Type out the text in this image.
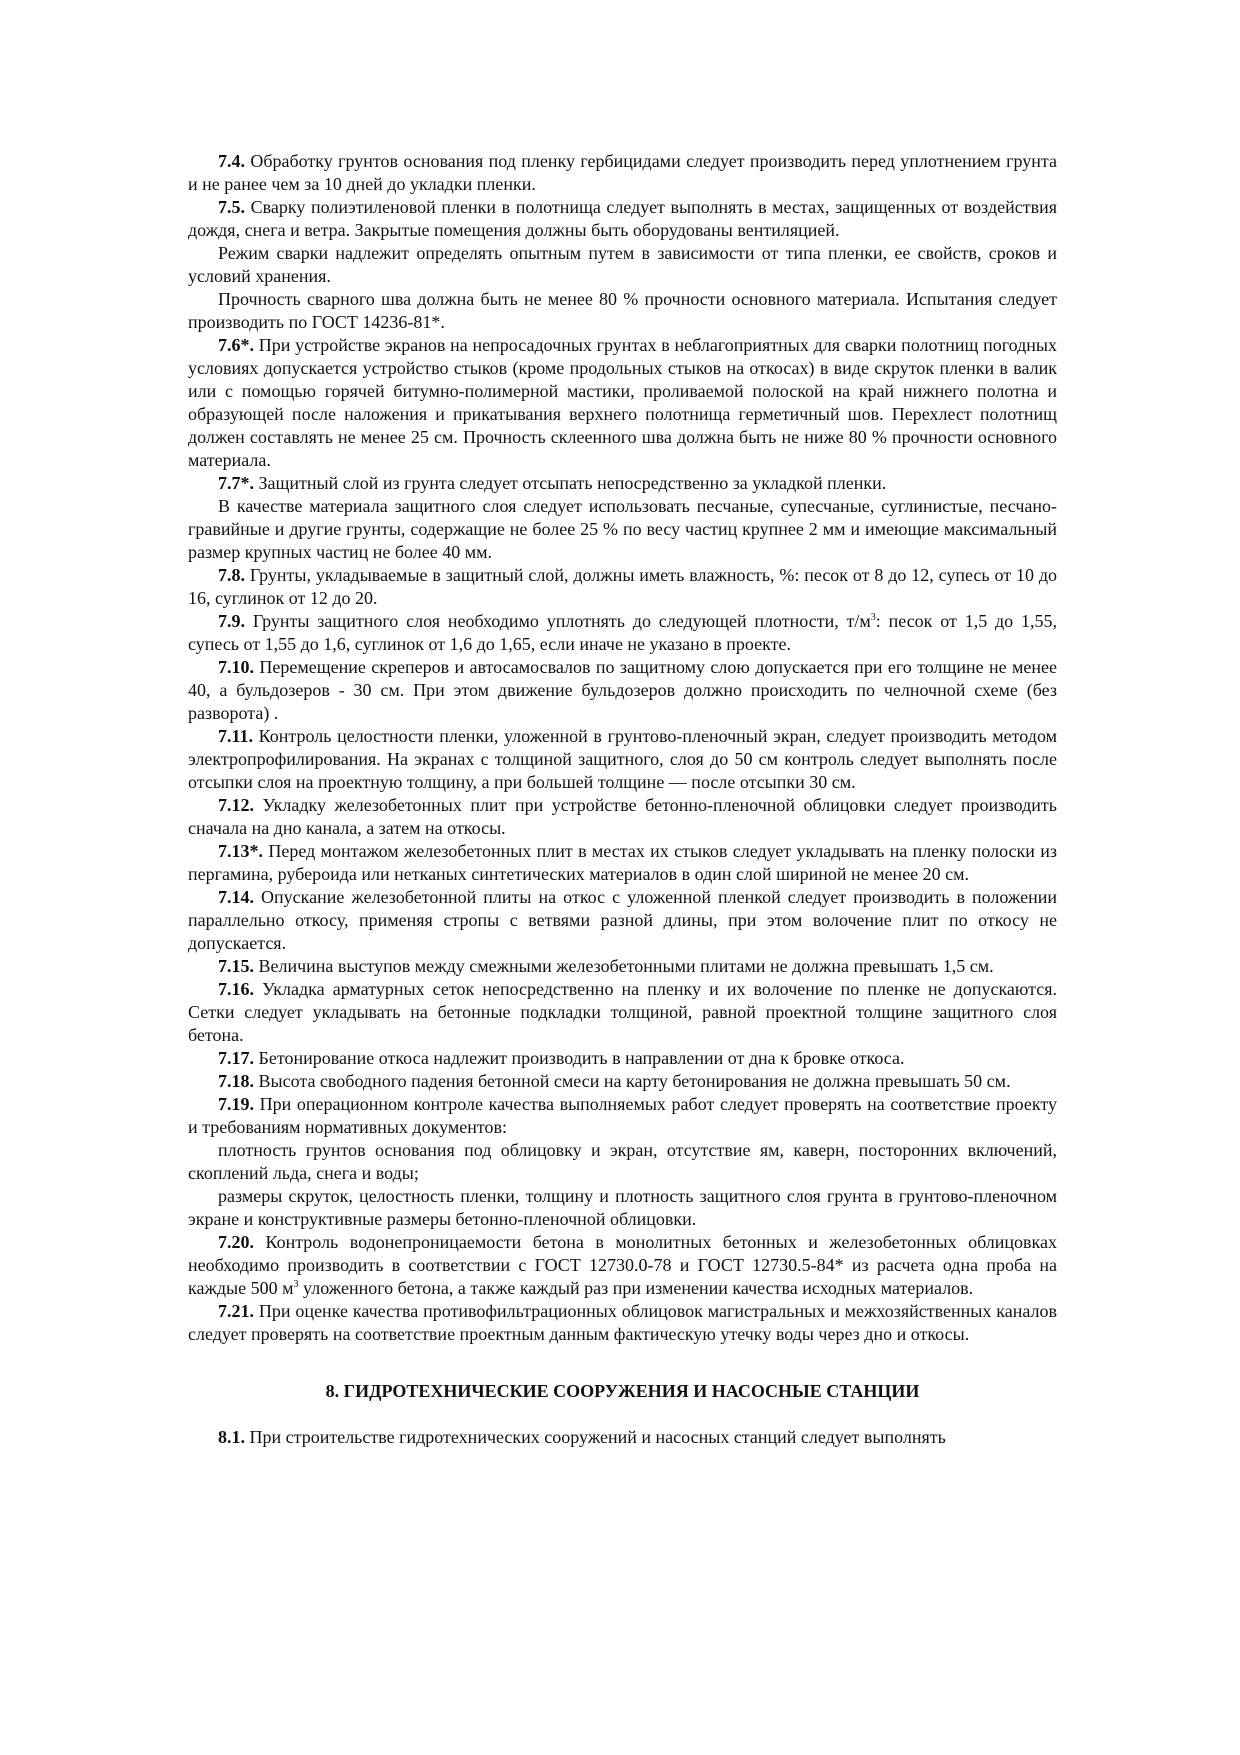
7.4. Обработку грунтов основания под пленку гербицидами следует производить перед уплотнением грунта и не ранее чем за 10 дней до укладки пленки.

7.5. Сварку полиэтиленовой пленки в полотнища следует выполнять в местах, защищенных от воздействия дождя, снега и ветра. Закрытые помещения должны быть оборудованы вентиляцией.

Режим сварки надлежит определять опытным путем в зависимости от типа пленки, ее свойств, сроков и условий хранения.

Прочность сварного шва должна быть не менее 80 % прочности основного материала. Испытания следует производить по ГОСТ 14236-81*.

7.6*. При устройстве экранов на непросадочных грунтах в неблагоприятных для сварки полотнищ погодных условиях допускается устройство стыков (кроме продольных стыков на откосах) в виде скруток пленки в валик или с помощью горячей битумно-полимерной мастики, проливаемой полоской на край нижнего полотна и образующей после наложения и прикатывания верхнего полотнища герметичный шов. Перехлест полотнищ должен составлять не менее 25 см. Прочность склеенного шва должна быть не ниже 80 % прочности основного материала.

7.7*. Защитный слой из грунта следует отсыпать непосредственно за укладкой пленки.

В качестве материала защитного слоя следует использовать песчаные, супесчаные, суглинистые, песчано-гравийные и другие грунты, содержащие не более 25 % по весу частиц крупнее 2 мм и имеющие максимальный размер крупных частиц не более 40 мм.

7.8. Грунты, укладываемые в защитный слой, должны иметь влажность, %: песок от 8 до 12, супесь от 10 до 16, суглинок от 12 до 20.

7.9. Грунты защитного слоя необходимо уплотнять до следующей плотности, $т/м^3$: песок от 1,5 до 1,55, супесь от 1,55 до 1,6, суглинок от 1,6 до 1,65, если иначе не указано в проекте.

7.10. Перемещение скреперов и автосамосвалов по защитному слою допускается при его толщине не менее 40, а бульдозеров - 30 см. При этом движение бульдозеров должно происходить по челночной схеме (без разворота) .

7.11. Контроль целостности пленки, уложенной в грунтово-пленочный экран, следует производить методом электропрофилирования. На экранах с толщиной защитного, слоя до 50 см контроль следует выполнять после отсыпки слоя на проектную толщину, а при большей толщине — после отсыпки 30 см.

7.12. Укладку железобетонных плит при устройстве бетонно-пленочной облицовки следует производить сначала на дно канала, а затем на откосы.

7.13*. Перед монтажом железобетонных плит в местах их стыков следует укладывать на пленку полоски из пергамина, рубероида или нетканых синтетических материалов в один слой шириной не менее 20 см.

7.14. Опускание железобетонной плиты на откос с уложенной пленкой следует производить в положении параллельно откосу, применяя стропы с ветвями разной длины, при этом волочение плит по откосу не допускается.

7.15. Величина выступов между смежными железобетонными плитами не должна превышать 1,5 см.

7.16. Укладка арматурных сеток непосредственно на пленку и их волочение по пленке не допускаются. Сетки следует укладывать на бетонные подкладки толщиной, равной проектной толщине защитного слоя бетона.

7.17. Бетонирование откоса надлежит производить в направлении от дна к бровке откоса.

7.18. Высота свободного падения бетонной смеси на карту бетонирования не должна превышать 50 см.

7.19. При операционном контроле качества выполняемых работ следует проверять на соответствие проекту и требованиям нормативных документов:

плотность грунтов основания под облицовку и экран, отсутствие ям, каверн, посторонних включений, скоплений льда, снега и воды;

размеры скруток, целостность пленки, толщину и плотность защитного слоя грунта в грунтово-пленочном экране и конструктивные размеры бетонно-пленочной облицовки.

7.20. Контроль водонепроницаемости бетона в монолитных бетонных и железобетонных облицовках необходимо производить в соответствии с ГОСТ 12730.0-78 и ГОСТ 12730.5-84* из расчета одна проба на каждые 500 $м^3$ уложенного бетона, а также каждый раз при изменении качества исходных материалов.

7.21. При оценке качества противофильтрационных облицовок магистральных и межхозяйственных каналов следует проверять на соответствие проектным данным фактическую утечку воды через дно и откосы.

8. ГИДРОТЕХНИЧЕСКИЕ СООРУЖЕНИЯ И НАСОСНЫЕ СТАНЦИИ

8.1. При строительстве гидротехнических сооружений и насосных станций следует выполнять
